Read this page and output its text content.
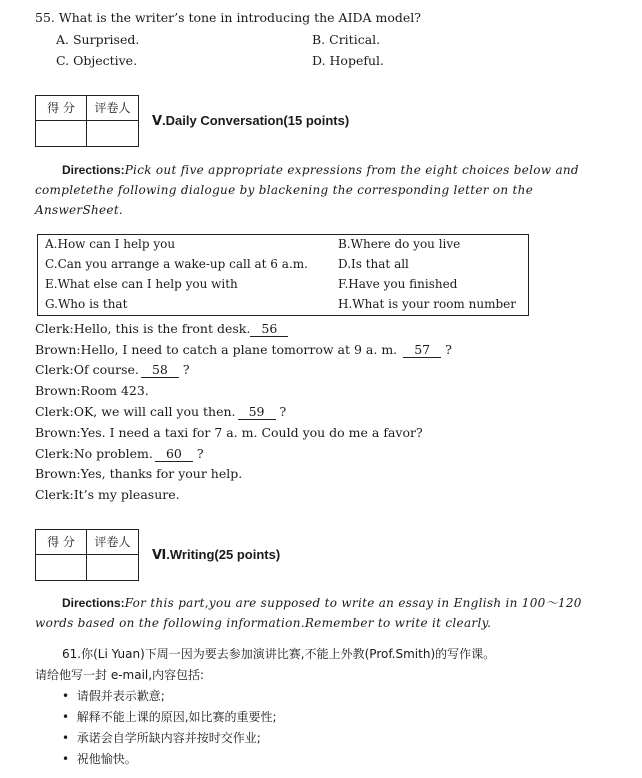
55. What is the writer’s tone in introducing the AIDA model?
A. Surprised.	B. Critical.
C. Objective.	D. Hopeful.
得 分	评卷人
Ⅴ.Daily Conversation(15 points)
Directions:Pick out five appropriate expressions from the eight choices below and
completethe following dialogue by blackening the corresponding letter on the
AnswerSheet.
A.How can I help you	B.Where do you live
C.Can you arrange a wake-up call at 6 a.m.	D.Is that all
E.What else can I help you with	F.Have you finished
G.Who is that	H.What is your room number
Clerk:Hello, this is the front desk. 56
Brown:Hello, I need to catch a plane tomorrow at 9 a. m. 57 ?
Clerk:Of course. 58 ?
Brown:Room 423.
Clerk:OK, we will call you then. 59 ?
Brown:Yes. I need a taxi for 7 a. m. Could you do me a favor?
Clerk:No problem. 60 ?
Brown:Yes, thanks for your help.
Clerk:It’s my pleasure.
得 分	评卷人
Ⅵ.Writing(25 points)
Directions:For this part,you are supposed to write an essay in English in 100～120
words based on the following information.Remember to write it clearly.
61.你(Li Yuan)下周一因为要去参加演讲比赛,不能上外教(Prof.Smith)的写作课。
请给他写一封 e-mail,内容包括:
•  请假并表示歉意;
•  解释不能上课的原因,如比赛的重要性;
•  承诺会自学所缺内容并按时交作业;
•  祝他愉快。
